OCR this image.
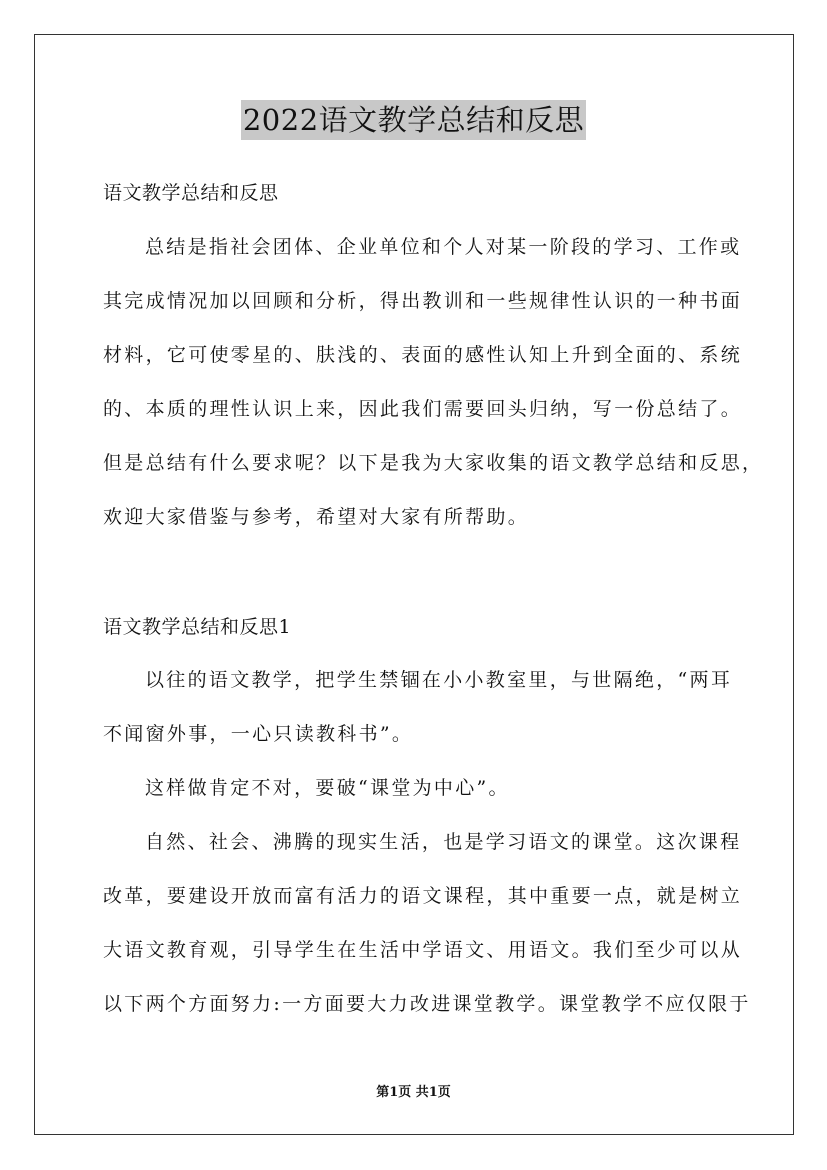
2022语文教学总结和反思
语文教学总结和反思
总结是指社会团体、企业单位和个人对某一阶段的学习、工作或
其完成情况加以回顾和分析，得出教训和一些规律性认识的一种书面
材料，它可使零星的、肤浅的、表面的感性认知上升到全面的、系统
的、本质的理性认识上来，因此我们需要回头归纳，写一份总结了。
但是总结有什么要求呢？以下是我为大家收集的语文教学总结和反思，
欢迎大家借鉴与参考，希望对大家有所帮助。
语文教学总结和反思1
以往的语文教学，把学生禁锢在小小教室里，与世隔绝，“两耳
不闻窗外事，一心只读教科书”。
这样做肯定不对，要破“课堂为中心”。
自然、社会、沸腾的现实生活，也是学习语文的课堂。这次课程
改革，要建设开放而富有活力的语文课程，其中重要一点，就是树立
大语文教育观，引导学生在生活中学语文、用语文。我们至少可以从
以下两个方面努力:一方面要大力改进课堂教学。课堂教学不应仅限于
第1页 共1页
